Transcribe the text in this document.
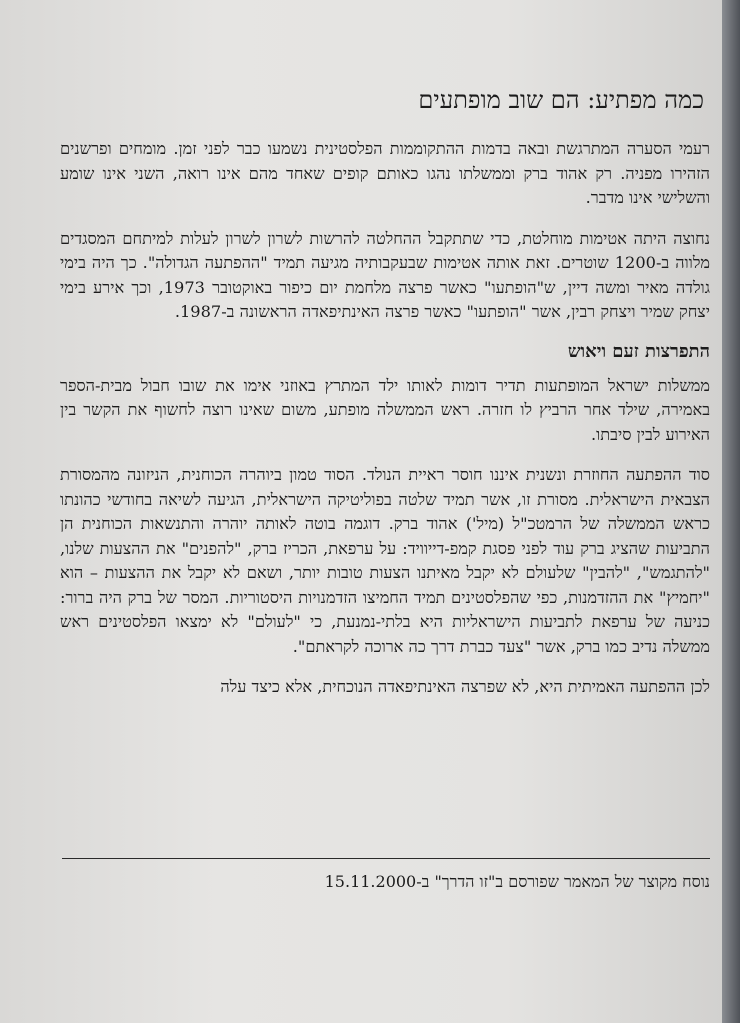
כמה מפתיע: הם שוב מופתעים

רעמי הסערה המתרגשת ובאה בדמות ההתקוממות הפלסטינית נשמעו כבר לפני זמן. מומחים ופרשנים הזהירו מפניה. רק אהוד ברק וממשלתו נהגו כאותם קופים שאחד מהם אינו רואה, השני אינו שומע והשלישי אינו מדבר.

נחוצה היתה אטימות מוחלטת, כדי שתתקבל ההחלטה להרשות לשרון לשרון לעלות למיתחם המסגדים מלווה ב-1200 שוטרים. זאת אותה אטימות שבעקבותיה מגיעה תמיד "ההפתעה הגדולה". כך היה בימי גולדה מאיר ומשה דיין, ש"הופתעו" כאשר פרצה מלחמת יום כיפור באוקטובר 1973, וכך אירע בימי יצחק שמיר ויצחק רבין, אשר "הופתעו" כאשר פרצה האינתיפאדה הראשונה ב-1987.

התפרצות זעם ויאוש

ממשלות ישראל המופתעות תדיר דומות לאותו ילד המתרץ באוזני אימו את שובו חבול מבית-הספר באמירה, שילד אחר הרביץ לו חזרה. ראש הממשלה מופתע, משום שאינו רוצה לחשוף את הקשר בין האירוע לבין סיבתו.

סוד ההפתעה החוזרת ונשנית איננו חוסר ראיית הנולד. הסוד טמון ביוהרה הכוחנית, הניזונה מהמסורת הצבאית הישראלית. מסורת זו, אשר תמיד שלטה בפוליטיקה הישראלית, הגיעה לשיאה בחודשי כהונתו כראש הממשלה של הרמטכ"ל (מיל') אהוד ברק. דוגמה בוטה לאותה יוהרה והתנשאות הכוחנית הן התביעות שהציג ברק עוד לפני פסגת קמפ-דייוויד: על ערפאת, הכריז ברק, "להפנים" את ההצעות שלנו, "להתגמש", "להבין" שלעולם לא יקבל מאיתנו הצעות טובות יותר, ושאם לא יקבל את ההצעות – הוא "יחמיץ" את ההזדמנות, כפי שהפלסטינים תמיד החמיצו הזדמנויות היסטוריות. המסר של ברק היה ברור: כניעה של ערפאת לתביעות הישראליות היא בלתי-נמנעת, כי "לעולם" לא ימצאו הפלסטינים ראש ממשלה נדיב כמו ברק, אשר "צעד כברת דרך כה ארוכה לקראתם".

לכן ההפתעה האמיתית היא, לא שפרצה האינתיפאדה הנוכחית, אלא כיצד עלה

נוסח מקוצר של המאמר שפורסם ב"זו הדרך" ב-15.11.2000
